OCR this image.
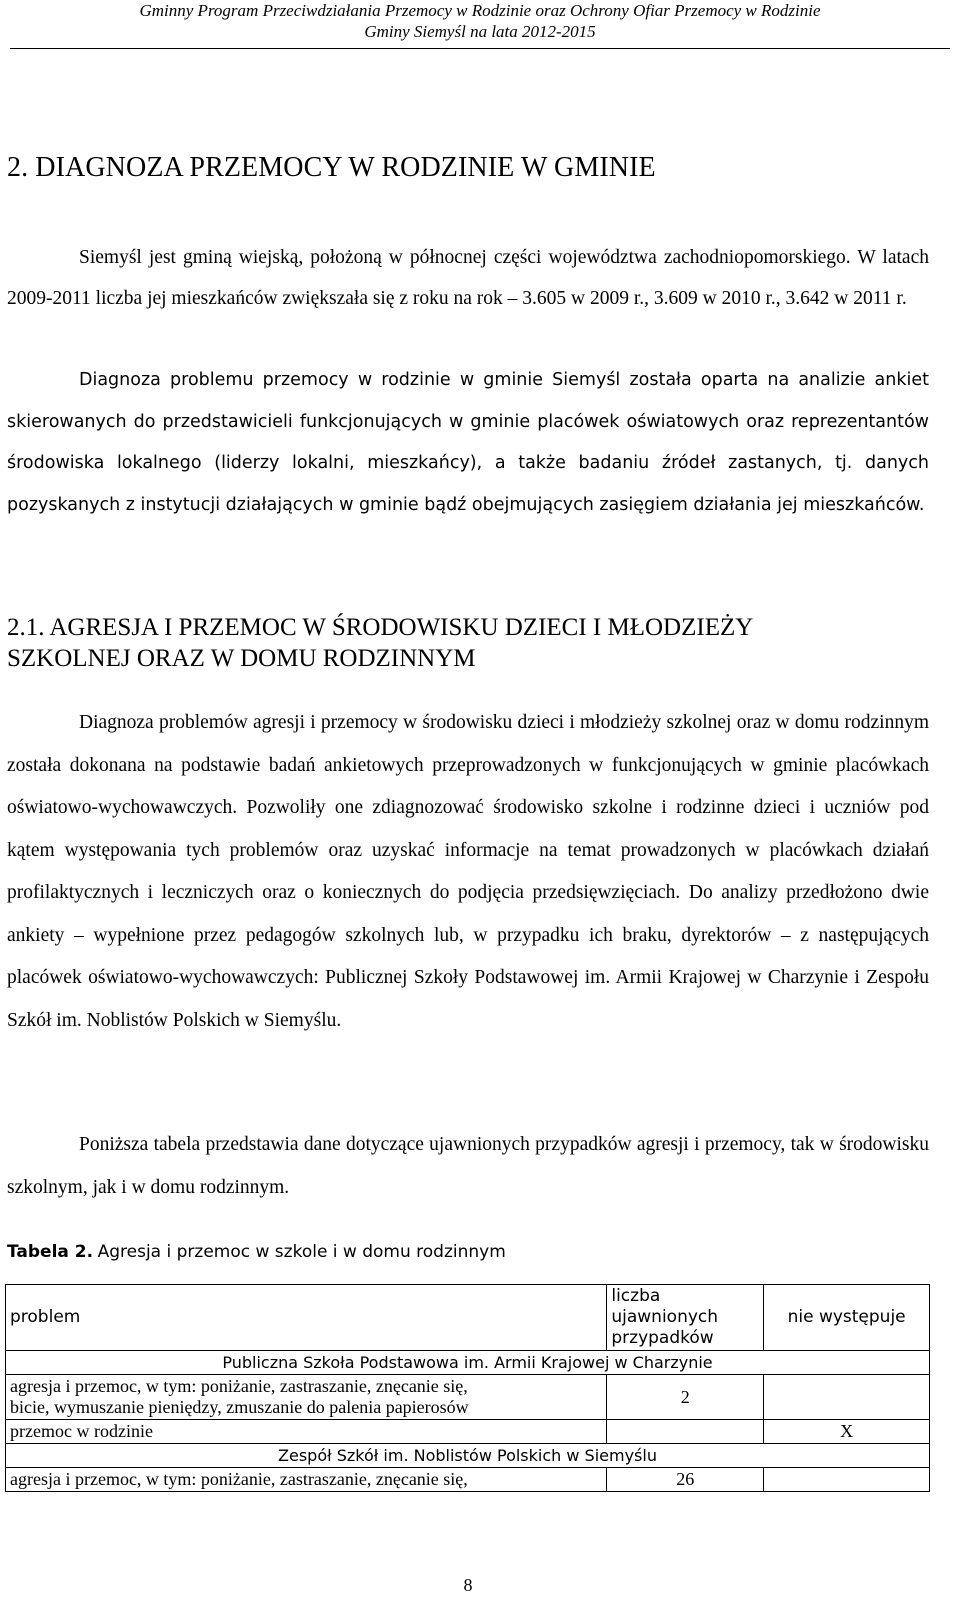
Gminny Program Przeciwdziałania Przemocy w Rodzinie oraz Ochrony Ofiar Przemocy w Rodzinie
Gminy Siemyśl na lata 2012-2015
2. DIAGNOZA PRZEMOCY W RODZINIE W GMINIE
Siemyśl jest gminą wiejską, położoną w północnej części województwa zachodniopomorskiego. W latach 2009-2011 liczba jej mieszkańców zwiększała się z roku na rok – 3.605 w 2009 r., 3.609 w 2010 r., 3.642 w 2011 r.
Diagnoza problemu przemocy w rodzinie w gminie Siemyśl została oparta na analizie ankiet skierowanych do przedstawicieli funkcjonujących w gminie placówek oświatowych oraz reprezentantów środowiska lokalnego (liderzy lokalni, mieszkańcy), a także badaniu źródeł zastanych, tj. danych pozyskanych z instytucji działających w gminie bądź obejmujących zasięgiem działania jej mieszkańców.
2.1. AGRESJA I PRZEMOC W ŚRODOWISKU DZIECI I MŁODZIEŻY
SZKOLNEJ ORAZ W DOMU RODZINNYM
Diagnoza problemów agresji i przemocy w środowisku dzieci i młodzieży szkolnej oraz w domu rodzinnym została dokonana na podstawie badań ankietowych przeprowadzonych w funkcjonujących w gminie placówkach oświatowo-wychowawczych. Pozwoliły one zdiagnozować środowisko szkolne i rodzinne dzieci i uczniów pod kątem występowania tych problemów oraz uzyskać informacje na temat prowadzonych w placówkach działań profilaktycznych i leczniczych oraz o koniecznych do podjęcia przedsięwzięciach. Do analizy przedłożono dwie ankiety – wypełnione przez pedagogów szkolnych lub, w przypadku ich braku, dyrektorów – z następujących placówek oświatowo-wychowawczych: Publicznej Szkoły Podstawowej im. Armii Krajowej w Charzynie i Zespołu Szkół im. Noblistów Polskich w Siemyślu.
Poniższa tabela przedstawia dane dotyczące ujawnionych przypadków agresji i przemocy, tak w środowisku szkolnym, jak i w domu rodzinnym.
Tabela 2. Agresja i przemoc w szkole i w domu rodzinnym
problem	liczba
ujawnionych
przypadków	nie występuje
Publiczna Szkoła Podstawowa im. Armii Krajowej w Charzynie		

agresja i przemoc, w tym: poniżanie, zastraszanie, znęcanie się,
bicie, wymuszanie pieniędzy, zmuszanie do palenia papierosów	2	
przemoc w rodzinie		X
Zespół Szkół im. Noblistów Polskich w Siemyślu		
agresja i przemoc, w tym: poniżanie, zastraszanie, znęcanie się,	26	
8
